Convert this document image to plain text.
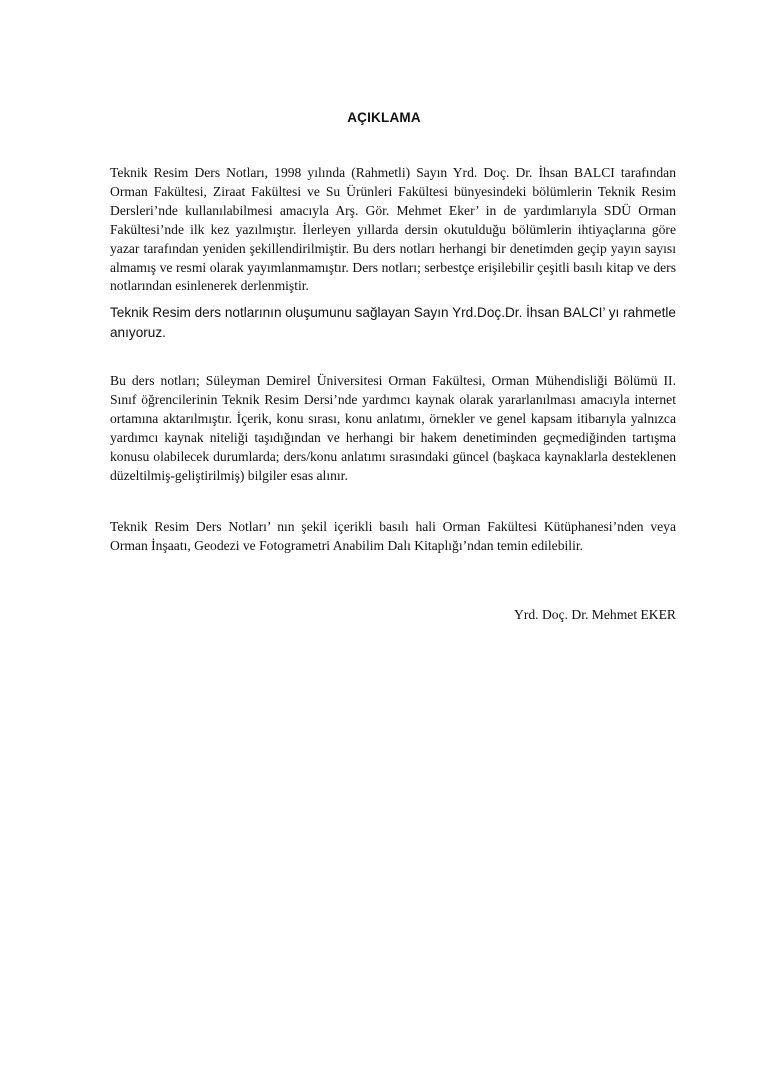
AÇIKLAMA

Teknik Resim Ders Notları, 1998 yılında (Rahmetli) Sayın Yrd. Doç. Dr. İhsan BALCI tarafından Orman Fakültesi, Ziraat Fakültesi ve Su Ürünleri Fakültesi bünyesindeki bölümlerin Teknik Resim Dersleri’nde kullanılabilmesi amacıyla Arş. Gör. Mehmet Eker’ in de yardımlarıyla SDÜ Orman Fakültesi’nde ilk kez yazılmıştır. İlerleyen yıllarda dersin okutulduğu bölümlerin ihtiyaçlarına göre yazar tarafından yeniden şekillendirilmiştir. Bu ders notları herhangi bir denetimden geçip yayın sayısı almamış ve resmi olarak yayımlanmamıştır. Ders notları; serbestçe erişilebilir çeşitli basılı kitap ve ders notlarından esinlenerek derlenmiştir.

Teknik Resim ders notlarının oluşumunu sağlayan Sayın Yrd.Doç.Dr. İhsan BALCI’ yı rahmetle anıyoruz.

Bu ders notları; Süleyman Demirel Üniversitesi Orman Fakültesi, Orman Mühendisliği Bölümü II. Sınıf öğrencilerinin Teknik Resim Dersi’nde yardımcı kaynak olarak yararlanılması amacıyla internet ortamına aktarılmıştır. İçerik, konu sırası, konu anlatımı, örnekler ve genel kapsam itibarıyla yalnızca yardımcı kaynak niteliği taşıdığından ve herhangi bir hakem denetiminden geçmediğinden tartışma konusu olabilecek durumlarda; ders/konu anlatımı sırasındaki güncel (başkaca kaynaklarla desteklenen düzeltilmiş-geliştirilmiş) bilgiler esas alınır.

Teknik Resim Ders Notları’ nın şekil içerikli basılı hali Orman Fakültesi Kütüphanesi’nden veya Orman İnşaatı, Geodezi ve Fotogrametri Anabilim Dalı Kitaplığı’ndan temin edilebilir.

Yrd. Doç. Dr. Mehmet EKER
